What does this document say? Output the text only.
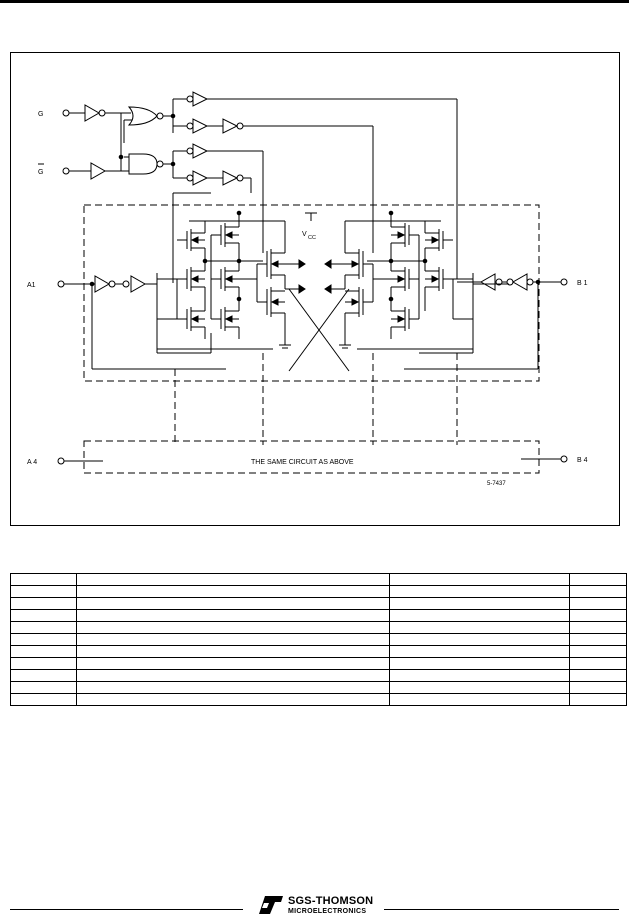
G
G
V CC
A1	B 1
A 4	THE SAME CIRCUIT AS ABOVE	B 4
5-7437

SGS-THOMSON
MICROELECTRONICS
